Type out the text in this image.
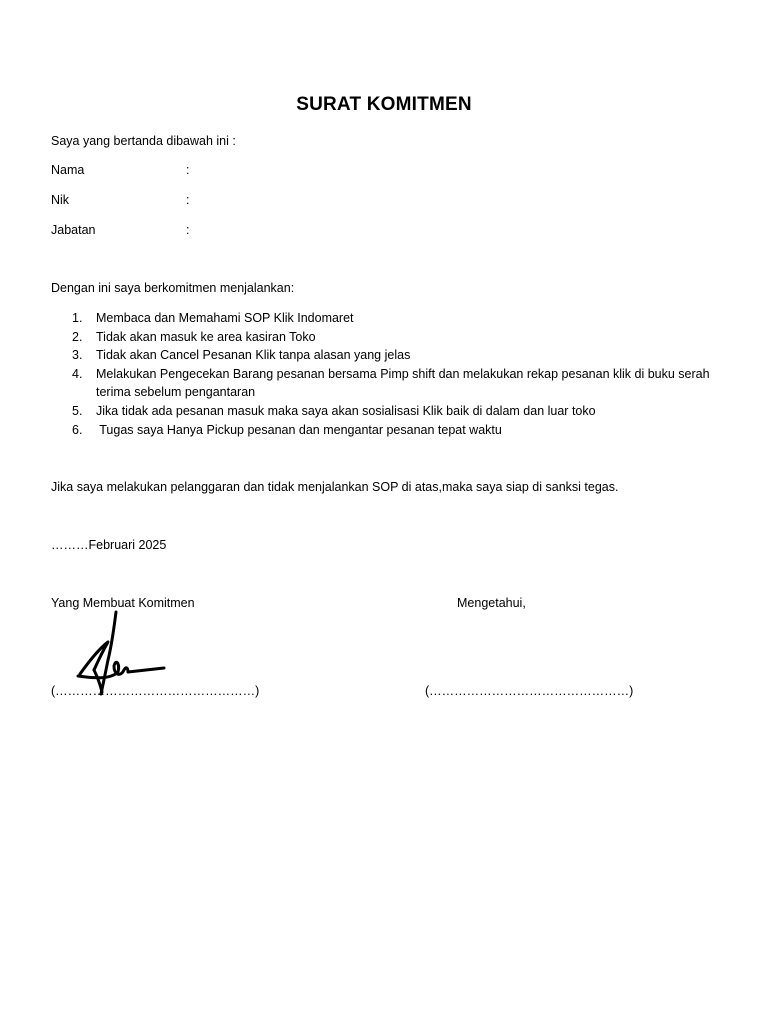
SURAT KOMITMEN
Saya yang bertanda dibawah ini :
Nama	:
Nik	:
Jabatan	:
Dengan ini saya berkomitmen menjalankan:
1. Membaca dan Memahami SOP Klik Indomaret
2. Tidak akan masuk ke area kasiran Toko
3. Tidak akan Cancel Pesanan Klik tanpa alasan yang jelas
4. Melakukan Pengecekan Barang pesanan bersama Pimp shift dan melakukan rekap pesanan klik di buku serah terima sebelum pengantaran
5. Jika tidak ada pesanan masuk maka saya akan sosialisasi Klik baik di dalam dan luar toko
6. Tugas saya Hanya Pickup pesanan dan mengantar pesanan tepat waktu
Jika saya melakukan pelanggaran dan tidak menjalankan SOP di atas,maka saya siap di sanksi tegas.
………Februari 2025
Yang Membuat Komitmen	Mengetahui,
(…………………………………………)	(…………………………………………)
